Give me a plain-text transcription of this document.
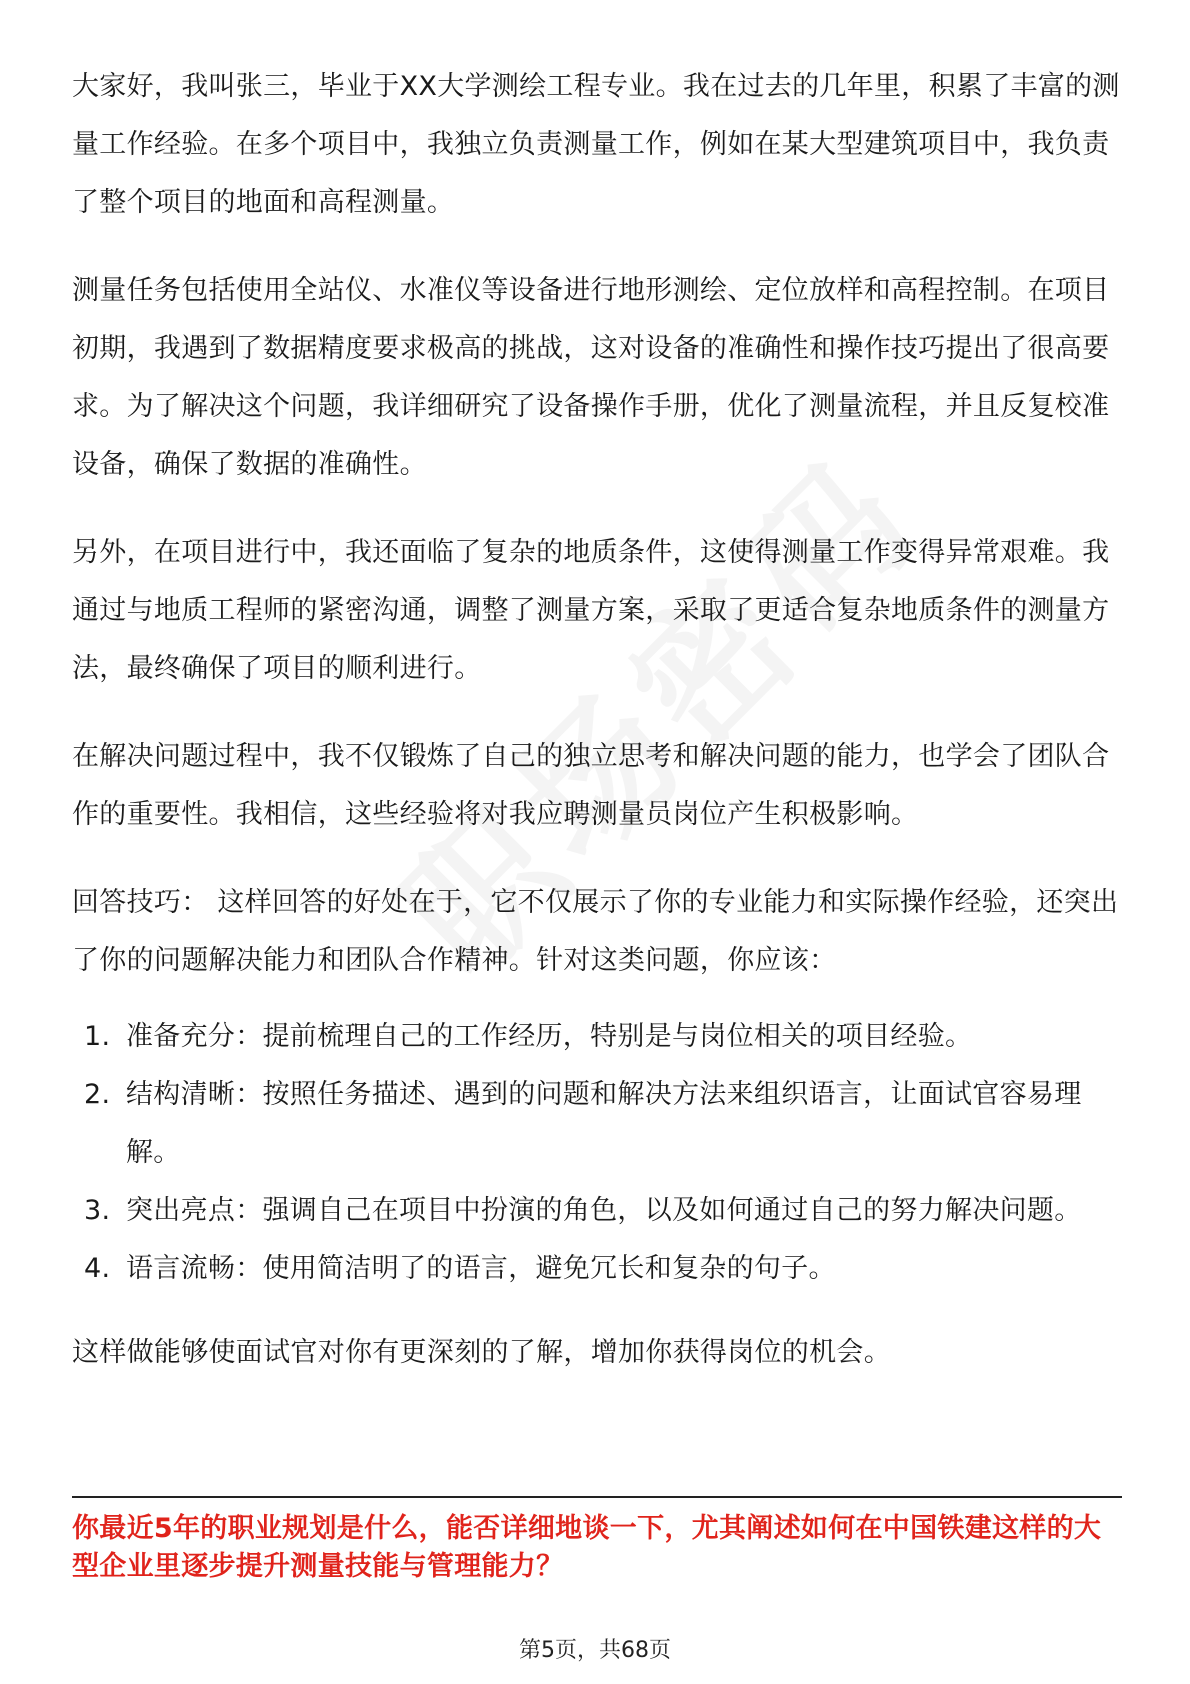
大家好，我叫张三，毕业于XX大学测绘工程专业。我在过去的几年里，积累了丰富的测量工作经验。在多个项目中，我独立负责测量工作，例如在某大型建筑项目中，我负责了整个项目的地面和高程测量。

测量任务包括使用全站仪、水准仪等设备进行地形测绘、定位放样和高程控制。在项目初期，我遇到了数据精度要求极高的挑战，这对设备的准确性和操作技巧提出了很高要求。为了解决这个问题，我详细研究了设备操作手册，优化了测量流程，并且反复校准设备，确保了数据的准确性。

另外，在项目进行中，我还面临了复杂的地质条件，这使得测量工作变得异常艰难。我通过与地质工程师的紧密沟通，调整了测量方案，采取了更适合复杂地质条件的测量方法，最终确保了项目的顺利进行。

在解决问题过程中，我不仅锻炼了自己的独立思考和解决问题的能力，也学会了团队合作的重要性。我相信，这些经验将对我应聘测量员岗位产生积极影响。

回答技巧： 这样回答的好处在于，它不仅展示了你的专业能力和实际操作经验，还突出了你的问题解决能力和团队合作精神。针对这类问题，你应该：

1. 准备充分：提前梳理自己的工作经历，特别是与岗位相关的项目经验。
2. 结构清晰：按照任务描述、遇到的问题和解决方法来组织语言，让面试官容易理解。
3. 突出亮点：强调自己在项目中扮演的角色，以及如何通过自己的努力解决问题。
4. 语言流畅：使用简洁明了的语言，避免冗长和复杂的句子。

这样做能够使面试官对你有更深刻的了解，增加你获得岗位的机会。

你最近5年的职业规划是什么，能否详细地谈一下，尤其阐述如何在中国铁建这样的大型企业里逐步提升测量技能与管理能力？
第5页，共68页
